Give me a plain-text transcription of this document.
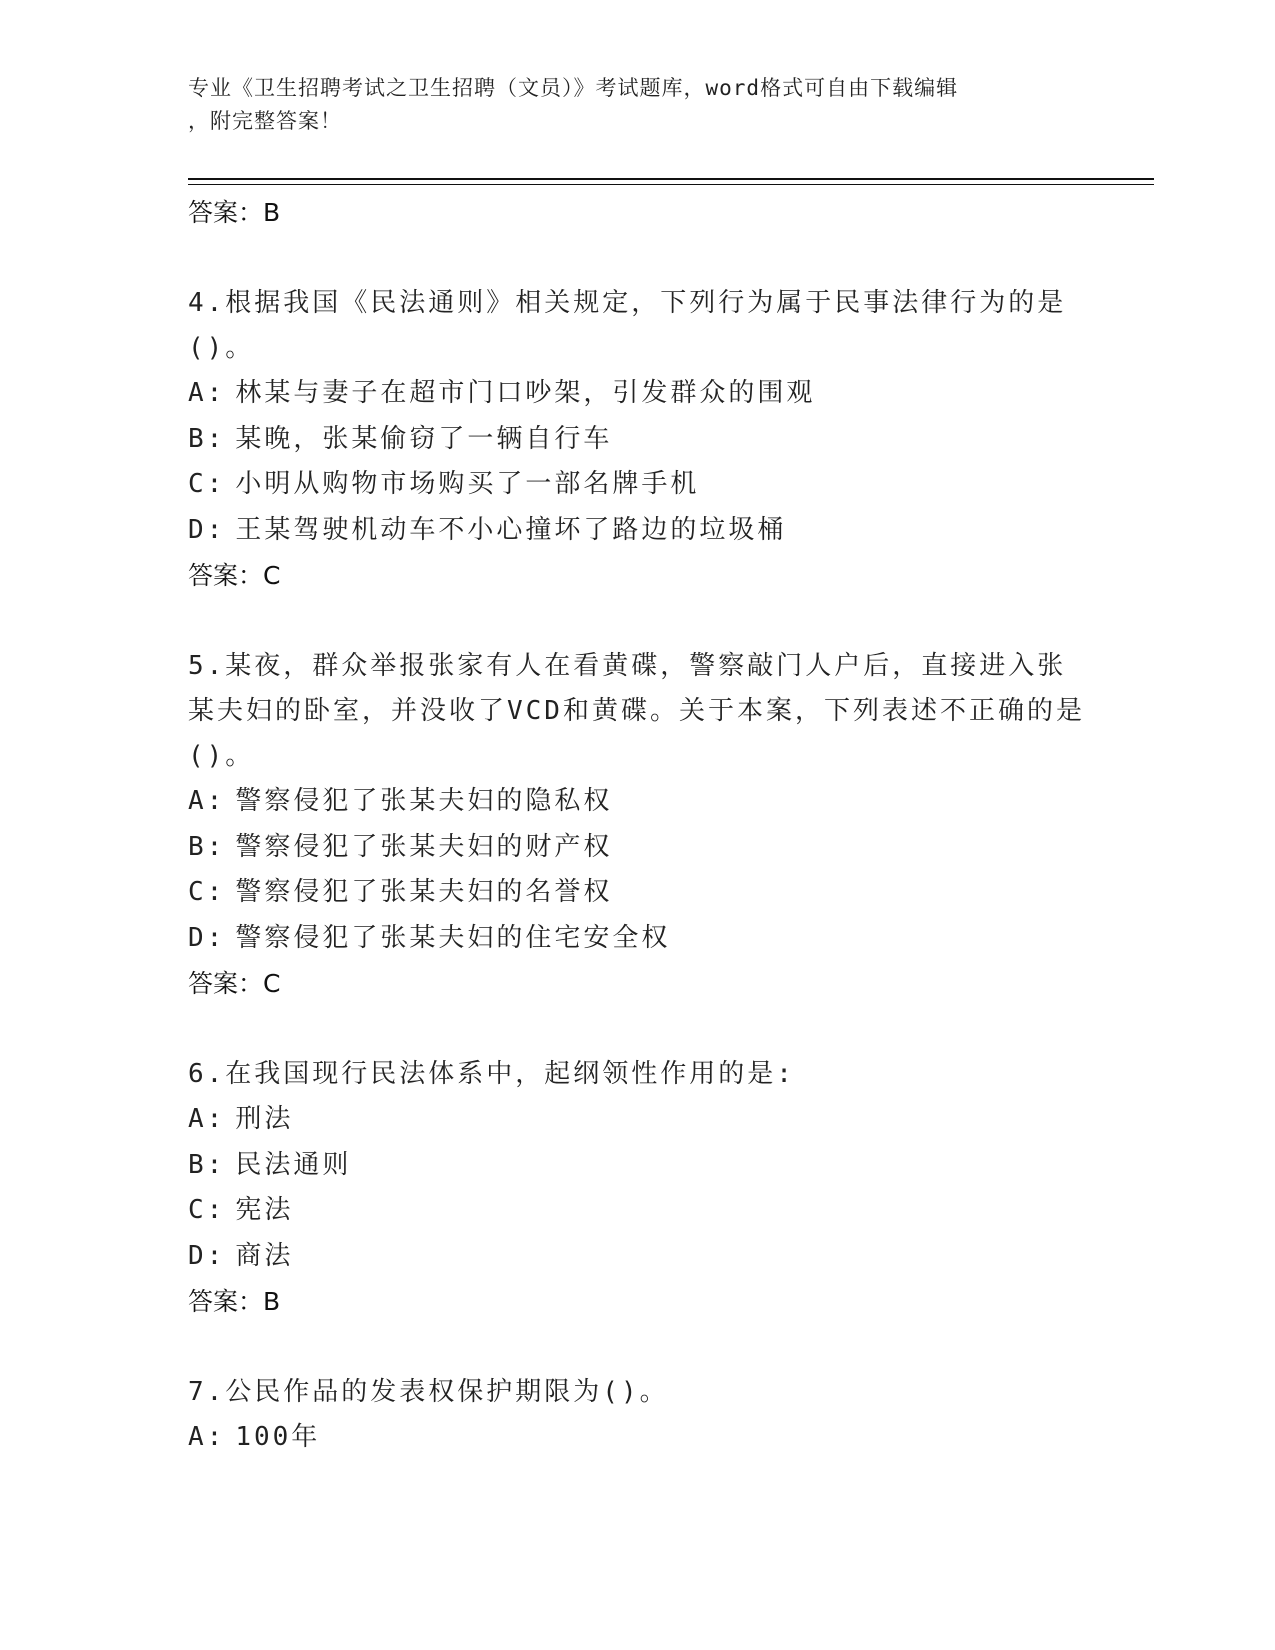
专业《卫生招聘考试之卫生招聘（文员）》考试题库，word格式可自由下载编辑
，附完整答案！

答案：B

4.根据我国《民法通则》相关规定，下列行为属于民事法律行为的是()。

A: 林某与妻子在超市门口吵架，引发群众的围观

B: 某晚，张某偷窃了一辆自行车

C: 小明从购物市场购买了一部名牌手机

D: 王某驾驶机动车不小心撞坏了路边的垃圾桶

答案：C

5.某夜，群众举报张家有人在看黄碟，警察敲门人户后，直接进入张某夫妇的卧室，并没收了VCD和黄碟。关于本案，下列表述不正确的是()。

A: 警察侵犯了张某夫妇的隐私权

B: 警察侵犯了张某夫妇的财产权

C: 警察侵犯了张某夫妇的名誉权

D: 警察侵犯了张某夫妇的住宅安全权

答案：C

6.在我国现行民法体系中，起纲领性作用的是:

A: 刑法

B: 民法通则

C: 宪法

D: 商法

答案：B

7.公民作品的发表权保护期限为()。

A: 100年
